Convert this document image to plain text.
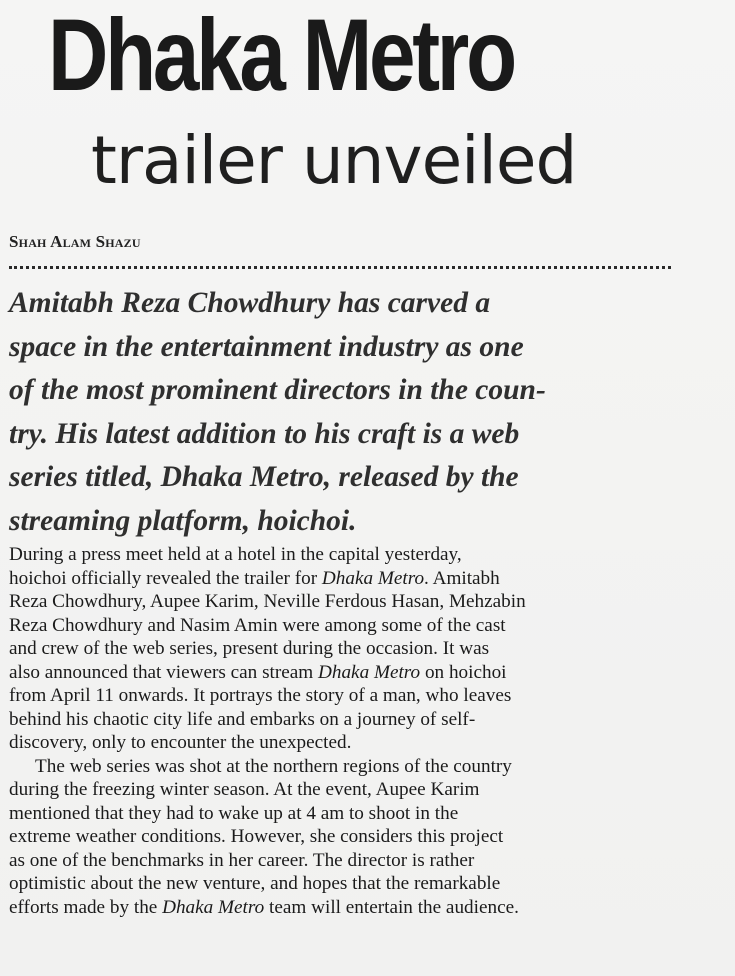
Dhaka Metro
trailer unveiled

Shah Alam Shazu

Amitabh Reza Chowdhury has carved a
space in the entertainment industry as one
of the most prominent directors in the coun-
try. His latest addition to his craft is a web
series titled, Dhaka Metro, released by the
streaming platform, hoichoi.

During a press meet held at a hotel in the capital yesterday,
hoichoi officially revealed the trailer for Dhaka Metro. Amitabh
Reza Chowdhury, Aupee Karim, Neville Ferdous Hasan, Mehzabin
Reza Chowdhury and Nasim Amin were among some of the cast
and crew of the web series, present during the occasion. It was
also announced that viewers can stream Dhaka Metro on hoichoi
from April 11 onwards. It portrays the story of a man, who leaves
behind his chaotic city life and embarks on a journey of self-
discovery, only to encounter the unexpected.
The web series was shot at the northern regions of the country
during the freezing winter season. At the event, Aupee Karim
mentioned that they had to wake up at 4 am to shoot in the
extreme weather conditions. However, she considers this project
as one of the benchmarks in her career. The director is rather
optimistic about the new venture, and hopes that the remarkable
efforts made by the Dhaka Metro team will entertain the audience.
